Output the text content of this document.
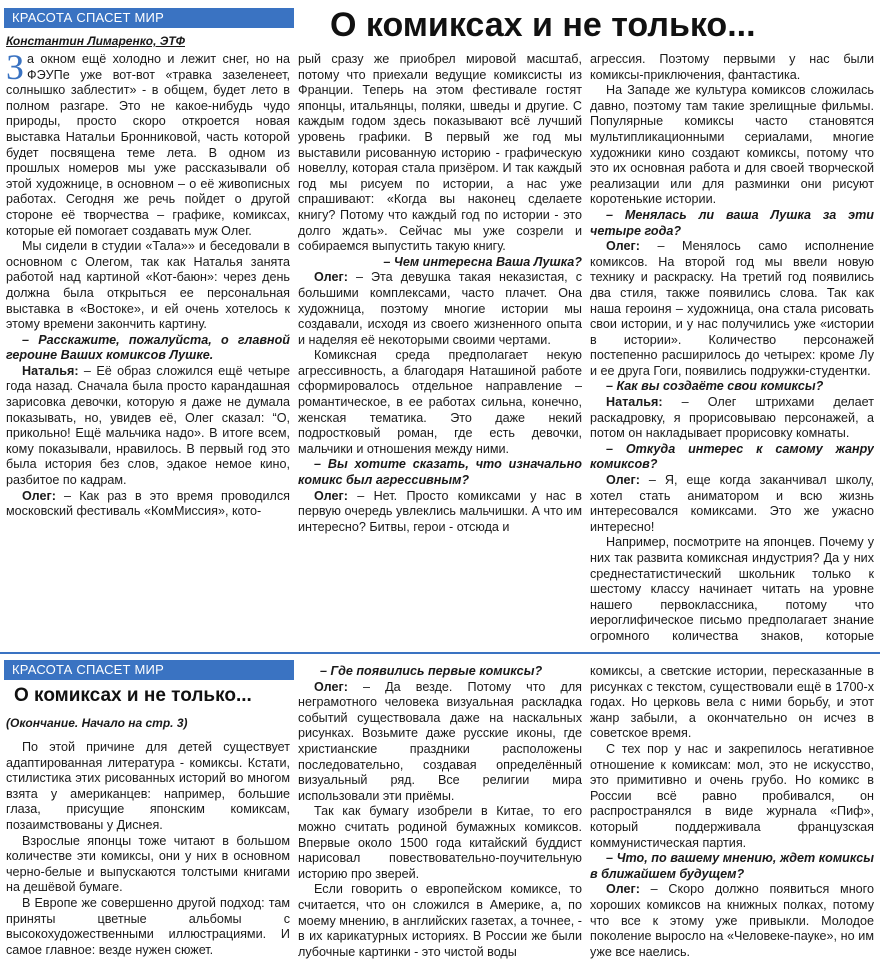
КРАСОТА СПАСЕТ МИР	О комиксах и не только...
Константин Лимаренко, ЭТФ

За окном ещё холодно и лежит снег, но на ФЭУПе уже вот-вот «травка зазеленеет, солнышко заблестит» - в общем, будет лето в полном разгаре. Это не какое-нибудь чудо природы, просто скоро откроется новая выставка Натальи Бронниковой, часть которой будет посвящена теме лета. В одном из прошлых номеров мы уже рассказывали об этой художнице, в основном – о её живописных работах. Сегодня же речь пойдет о другой стороне её творчества – графике, комиксах, которые ей помогает создавать муж Олег.

Мы сидели в студии «Тала»» и беседовали в основном с Олегом, так как Наталья занята работой над картиной «Кот-баюн»: через день должна была открыться ее персональная выставка в «Востоке», и ей очень хотелось к этому времени закончить картину.

– Расскажите, пожалуйста, о главной героине Ваших комиксов Лушке.

Наталья: – Её образ сложился ещё четыре года назад. Сначала была просто карандашная зарисовка девочки, которую я даже не думала показывать, но, увидев её, Олег сказал: “О, прикольно! Ещё мальчика надо». В итоге всем, кому показывали, нравилось. В первый год это была история без слов, эдакое немое кино, разбитое по кадрам.

Олег: – Как раз в это время проводился московский фестиваль «КомМиссия», кото-

рый сразу же приобрел мировой масштаб, потому что приехали ведущие комиксисты из Франции. Теперь на этом фестивале гостят японцы, итальянцы, поляки, шведы и другие. С каждым годом здесь показывают всё лучший уровень графики. В первый же год мы выставили рисованную историю - графическую новеллу, которая стала призёром. И так каждый год мы рисуем по истории, а нас уже спрашивают: «Когда вы наконец сделаете книгу? Потому что каждый год по истории - это долго ждать». Сейчас мы уже созрели и собираемся выпустить такую книгу.

– Чем интересна Ваша Лушка?

Олег: – Эта девушка такая неказистая, с большими комплексами, часто плачет. Она художница, поэтому многие истории мы создавали, исходя из своего жизненного опыта и наделяя её некоторыми своими чертами.

Комиксная среда предполагает некую агрессивность, а благодаря Наташиной работе сформировалось отдельное направление – романтическое, в ее работах сильна, конечно, женская тематика. Это даже некий подростковый роман, где есть девочки, мальчики и отношения между ними.

– Вы хотите сказать, что изначально комикс был агрессивным?

Олег: – Нет. Просто комиксами у нас в первую очередь увлеклись мальчишки. А что им интересно? Битвы, герои - отсюда и

агрессия. Поэтому первыми у нас были комиксы-приключения, фантастика.

На Западе же культура комиксов сложилась давно, поэтому там такие зрелищные фильмы. Популярные комиксы часто становятся мультипликационными сериалами, многие художники кино создают комиксы, потому что это их основная работа и для своей творческой реализации или для разминки они рисуют коротенькие истории.

– Менялась ли ваша Лушка за эти четыре года?

Олег: – Менялось само исполнение комиксов. На второй год мы ввели новую технику и раскраску. На третий год появились два стиля, также появились слова. Так как наша героиня – художница, она стала рисовать свои истории, и у нас получились уже «истории в истории». Количество персонажей постепенно расширилось до четырех: кроме Лу и ее друга Гоги, появились подружки-студентки.

– Как вы создаёте свои комиксы?

Наталья: – Олег штрихами делает раскадровку, я прорисовываю персонажей, а потом он накладывает прорисовку комнаты.

– Откуда интерес к самому жанру комиксов?

Олег: – Я, еще когда заканчивал школу, хотел стать аниматором и всю жизнь интересовался комиксами. Это же ужасно интересно!

Например, посмотрите на японцев. Почему у них так развита комиксная индустрия? Да у них среднестатистический школьник только к шестому классу начинает читать на уровне нашего первоклассника, потому что иероглифическое письмо предполагает знание огромного количества знаков, которые

КРАСОТА СПАСЕТ МИР
О комиксах и не только...
(Окончание. Начало на стр. 3)

По этой причине для детей существует адаптированная литература - комиксы. Кстати, стилистика этих рисованных историй во многом взята у американцев: например, большие глаза, присущие японским комиксам, позаимствованы у Диснея.

Взрослые японцы тоже читают в большом количестве эти комиксы, они у них в основном черно-белые и выпускаются толстыми книгами на дешёвой бумаге.

В Европе же совершенно другой подход: там приняты цветные альбомы с высокохудожественными иллюстрациями. И самое главное: везде нужен сюжет.

– Где появились первые комиксы?

Олег: – Да везде. Потому что для неграмотного человека визуальная раскладка событий существовала даже на наскальных рисунках. Возьмите даже русские иконы, где христианские праздники расположены последовательно, создавая определённый визуальный ряд. Все религии мира использовали эти приёмы.

Так как бумагу изобрели в Китае, то его можно считать родиной бумажных комиксов. Впервые около 1500 года китайский буддист нарисовал повествовательно-поучительную историю про зверей.

Если говорить о европейском комиксе, то считается, что он сложился в Америке, а, по моему мнению, в английских газетах, а точнее, - в их карикатурных историях. В России же были лубочные картинки - это чистой воды

комиксы, а светские истории, пересказанные в рисунках с текстом, существовали ещё в 1700-х годах. Но церковь вела с ними борьбу, и этот жанр забыли, а окончательно он исчез в советское время.

С тех пор у нас и закрепилось негативное отношение к комиксам: мол, это не искусство, это примитивно и очень грубо. Но комикс в России всё равно пробивался, он распространялся в виде журнала «Пиф», который поддерживала французская коммунистическая партия.

– Что, по вашему мнению, ждет комиксы в ближайшем будущем?

Олег: – Скоро должно появиться много хороших комиксов на книжных полках, потому что все к этому уже привыкли. Молодое поколение выросло на «Человеке-пауке», но им уже все наелись.
